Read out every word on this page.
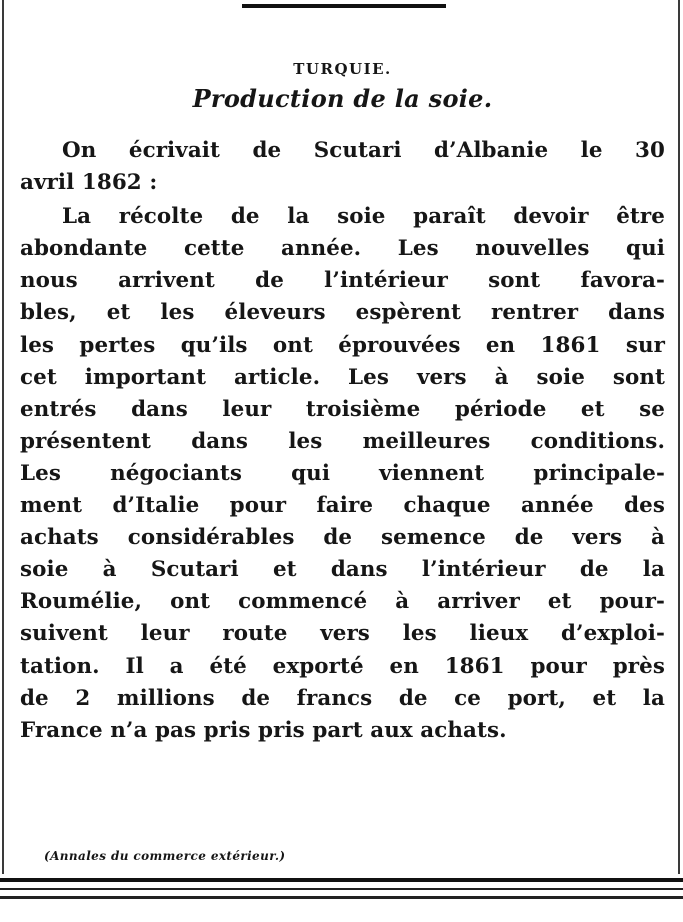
TURQUIE.
Production de la soie.

On écrivait de Scutari d’Albanie le 30
avril 1862 :

La récolte de la soie paraît devoir être
abondante cette année. Les nouvelles qui
nous arrivent de l’intérieur sont favora-
bles, et les éleveurs espèrent rentrer dans
les pertes qu’ils ont éprouvées en 1861 sur
cet important article. Les vers à soie sont
entrés dans leur troisième période et se
présentent dans les meilleures conditions.
Les négociants qui viennent principale-
ment d’Italie pour faire chaque année des
achats considérables de semence de vers à
soie à Scutari et dans l’intérieur de la
Roumélie, ont commencé à arriver et pour-
suivent leur route vers les lieux d’exploi-
tation. Il a été exporté en 1861 pour près
de 2 millions de francs de ce port, et la
France n’a pas pris pris part aux achats.

(Annales du commerce extérieur.)
